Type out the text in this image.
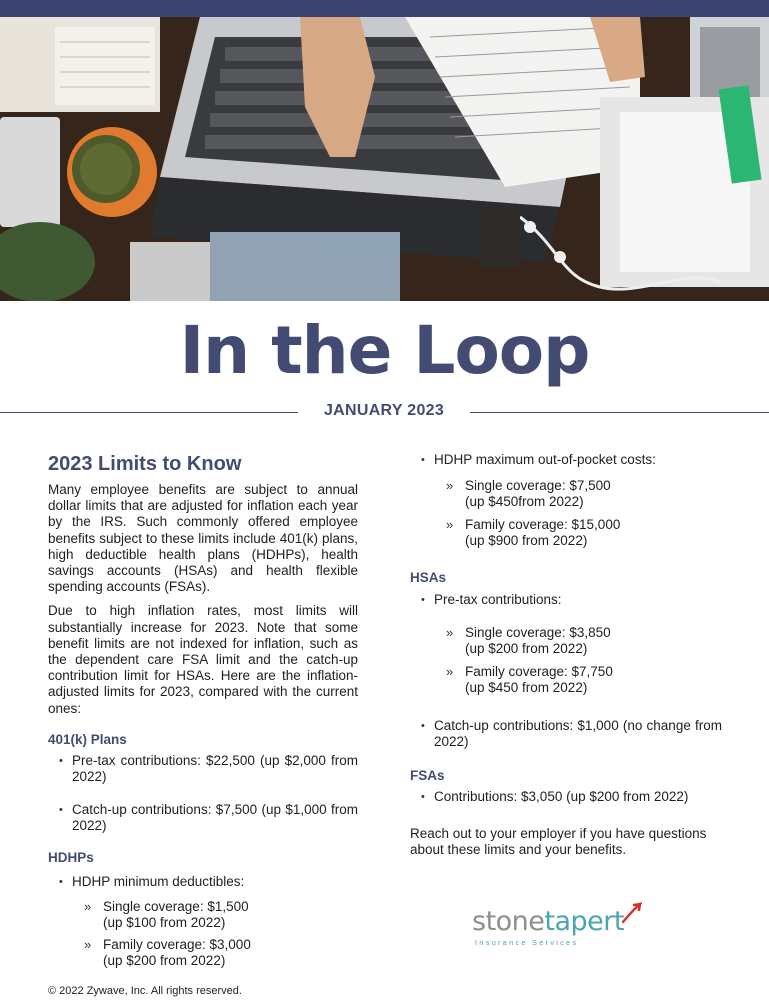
In the Loop
JANUARY 2023
2023 Limits to Know

Many employee benefits are subject to annual dollar limits that are adjusted for inflation each year by the IRS. Such commonly offered employee benefits subject to these limits include 401(k) plans, high deductible health plans (HDHPs), health savings accounts (HSAs) and health flexible spending accounts (FSAs).

Due to high inflation rates, most limits will substantially increase for 2023. Note that some benefit limits are not indexed for inflation, such as the dependent care FSA limit and the catch-up contribution limit for HSAs. Here are the inflation-adjusted limits for 2023, compared with the current ones:

401(k) Plans
• Pre-tax contributions: $22,500 (up $2,000 from 2022)
• Catch-up contributions: $7,500 (up $1,000 from 2022)
HDHPs
• HDHP minimum deductibles:
» Single coverage: $1,500
(up $100 from 2022)
» Family coverage: $3,000
(up $200 from 2022)
• HDHP maximum out-of-pocket costs:
» Single coverage: $7,500
(up $450from 2022)
» Family coverage: $15,000
(up $900 from 2022)
HSAs
• Pre-tax contributions:
» Single coverage: $3,850
(up $200 from 2022)
» Family coverage: $7,750
(up $450 from 2022)
• Catch-up contributions: $1,000 (no change from 2022)
FSAs
• Contributions: $3,050 (up $200 from 2022)

Reach out to your employer if you have questions about these limits and your benefits.

stonetapert
Insurance Services
© 2022 Zywave, Inc. All rights reserved.
